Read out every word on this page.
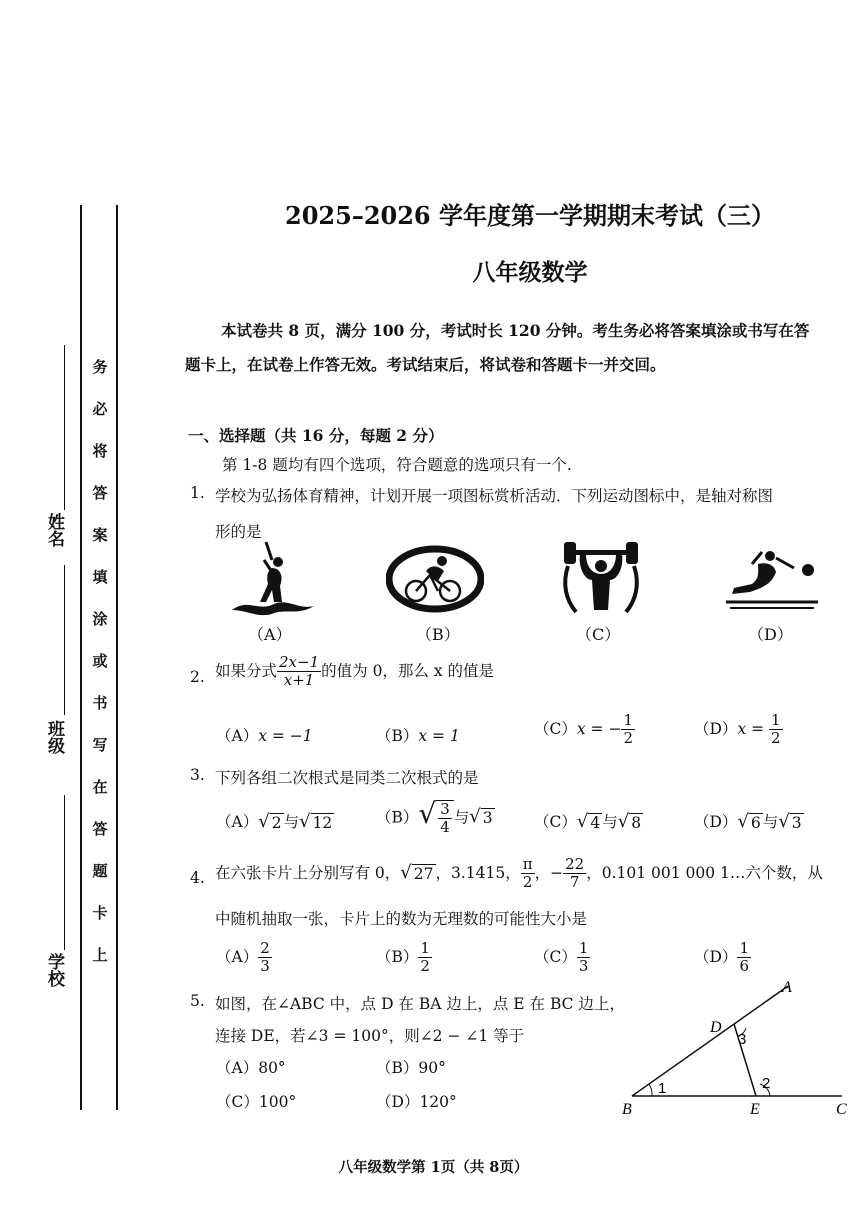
姓名
班级
学校
务
必
将
答
案
填
涂
或
书
写
在
答
题
卡
上
2025–2026 学年度第一学期期末考试（三）
八年级数学
本试卷共 8 页，满分 100 分，考试时长 120 分钟。考生务必将答案填涂或书写在答
题卡上，在试卷上作答无效。考试结束后，将试卷和答题卡一并交回。
一、选择题（共 16 分，每题 2 分）
第 1-8 题均有四个选项，符合题意的选项只有一个.
1. 学校为弘扬体育精神，计划开展一项图标赏析活动．下列运动图标中，是轴对称图
形的是
（A）	（B）	（C）	（D）
2. 如果分式 $\frac{2x-1}{x+1}$ 的值为 0，那么 x 的值是
（A）x = −1	（B）x = 1	（C）x = − $\frac{1}{2}$	$(D)x = \frac{1}{2}$
3. 下列各组二次根式是同类二次根式的是
（A） √ 2 与 √ 12	（B） √ $\frac{3}{4}$ 与 √ 3	（C） √ 4 与 √ 8	（D） √ 6 与 √ 3
4. 在六张卡片上分别写有 0， √ 27 ，3.1415， $\frac{\pi}{2}$ ，− $\frac{22}{7}$ ，0.101 001 000 1…六个数，从
中随机抽取一张，卡片上的数为无理数的可能性大小是
$(A) \frac{2}{3}$	$(B) \frac{1}{2}$	$(C) \frac{1}{3}$	$(D) \frac{1}{6}$
5. 如图，在∠ABC 中，点 D 在 BA 边上，点 E 在 BC 边上，
连接 DE，若∠3 = 100°，则∠2 − ∠1 等于
（A）80°	（B）90°
（C）100°	（D）120°
A
B	C
D
E
1	2
3
八年级数学第 1页（共 8页）
